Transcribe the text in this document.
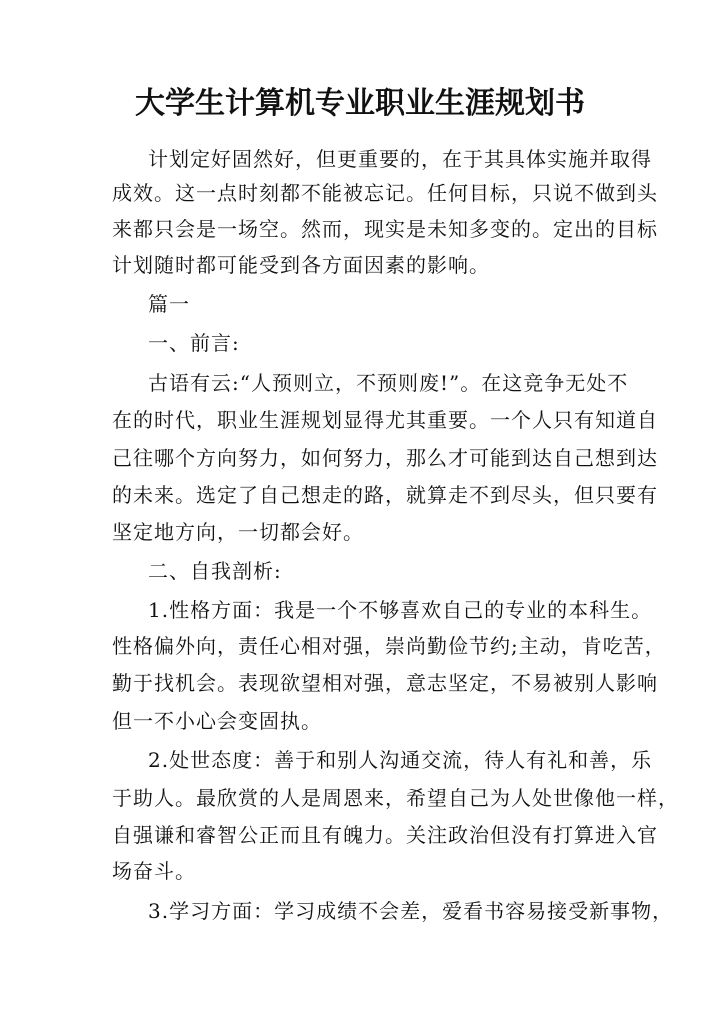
大学生计算机专业职业生涯规划书

计划定好固然好，但更重要的，在于其具体实施并取得

成效。这一点时刻都不能被忘记。任何目标，只说不做到头

来都只会是一场空。然而，现实是未知多变的。定出的目标

计划随时都可能受到各方面因素的影响。

篇一

一、前言:

古语有云:“人预则立，不预则废!”。在这竞争无处不

在的时代，职业生涯规划显得尤其重要。一个人只有知道自

己往哪个方向努力，如何努力，那么才可能到达自己想到达

的未来。选定了自己想走的路，就算走不到尽头，但只要有

坚定地方向，一切都会好。

二、自我剖析:

1.性格方面：我是一个不够喜欢自己的专业的本科生。

性格偏外向，责任心相对强，崇尚勤俭节约;主动，肯吃苦，

勤于找机会。表现欲望相对强，意志坚定，不易被别人影响

但一不小心会变固执。

2.处世态度：善于和别人沟通交流，待人有礼和善，乐

于助人。最欣赏的人是周恩来，希望自己为人处世像他一样，

自强谦和睿智公正而且有魄力。关注政治但没有打算进入官

场奋斗。

3.学习方面：学习成绩不会差，爱看书容易接受新事物，
